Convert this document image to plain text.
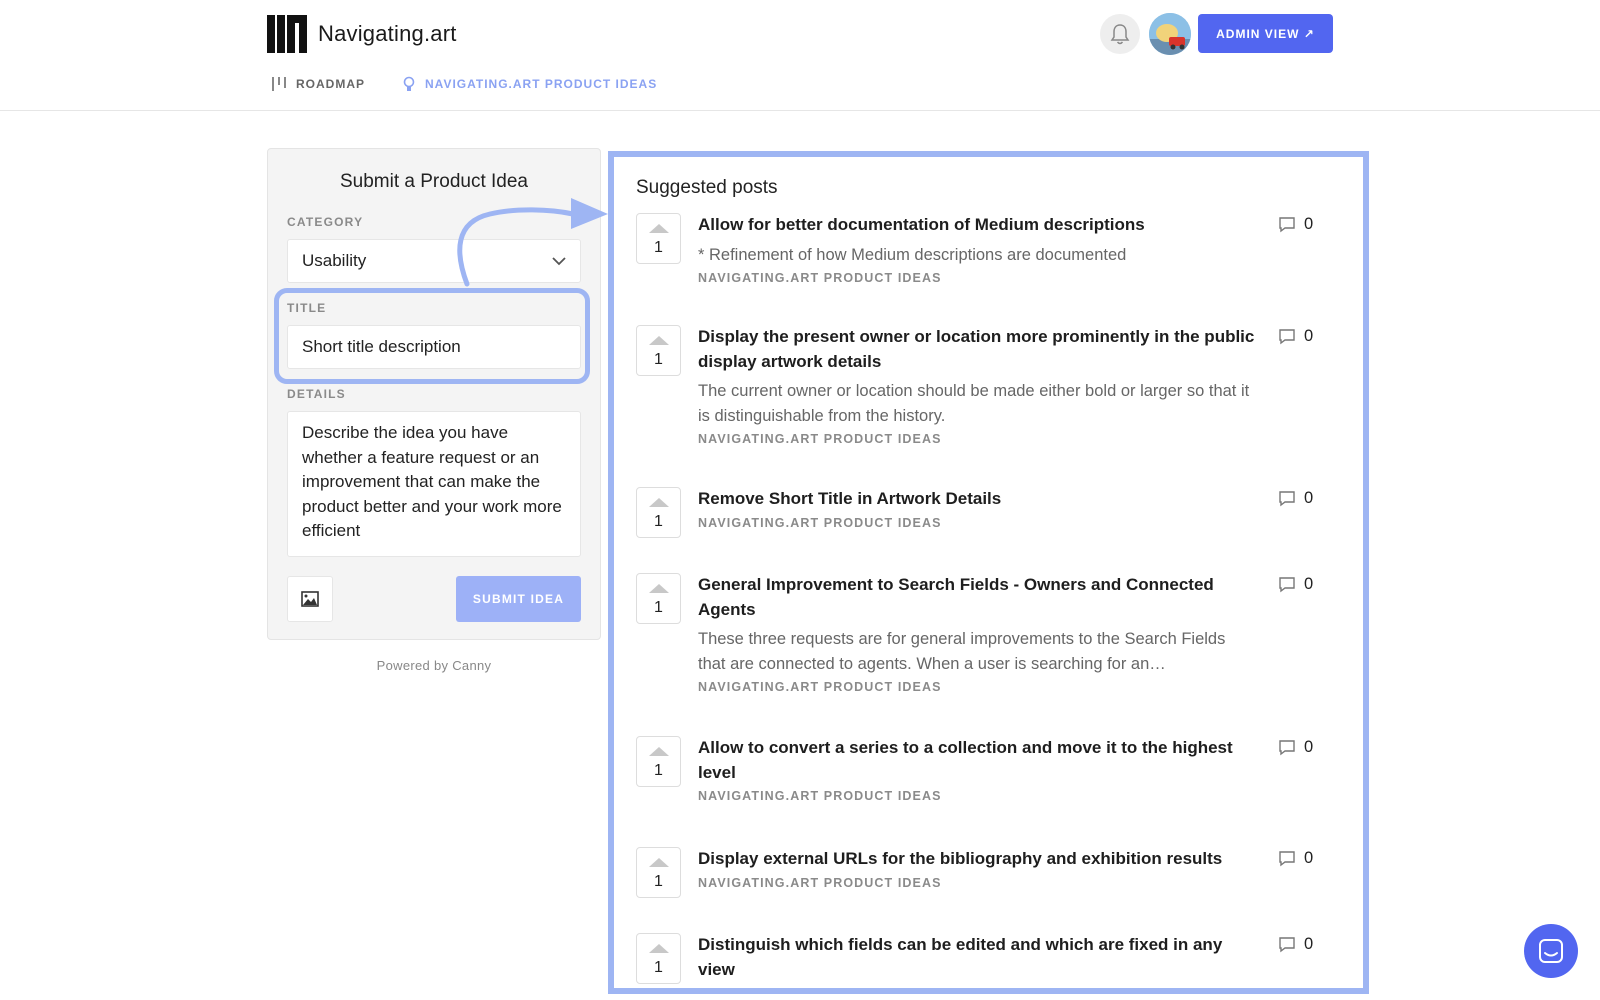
Navigating.art	ADMIN VIEW ↗
ROADMAP	NAVIGATING.ART PRODUCT IDEAS
Submit a Product Idea
CATEGORY
Usability
TITLE
Short title description
DETAILS
Describe the idea you have whether a feature request or an improvement that can make the product better and your work more efficient
SUBMIT IDEA
Powered by Canny
Suggested posts
1
Allow for better documentation of Medium descriptions
* Refinement of how Medium descriptions are documented
NAVIGATING.ART PRODUCT IDEAS
0
1
Display the present owner or location more prominently in the public display artwork details
The current owner or location should be made either bold or larger so that it is distinguishable from the history.
NAVIGATING.ART PRODUCT IDEAS
0
1
Remove Short Title in Artwork Details
NAVIGATING.ART PRODUCT IDEAS
0
1
General Improvement to Search Fields - Owners and Connected Agents
These three requests are for general improvements to the Search Fields that are connected to agents. When a user is searching for an…
NAVIGATING.ART PRODUCT IDEAS
0
1
Allow to convert a series to a collection and move it to the highest level
NAVIGATING.ART PRODUCT IDEAS
0
1
Display external URLs for the bibliography and exhibition results
NAVIGATING.ART PRODUCT IDEAS
0
1
Distinguish which fields can be edited and which are fixed in any view
0
